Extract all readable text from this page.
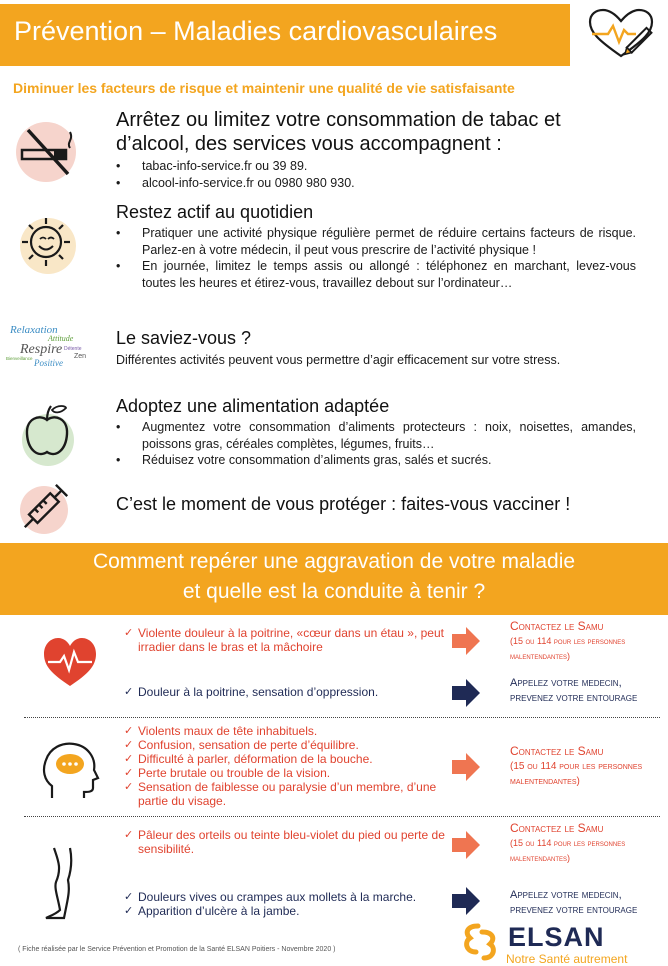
Prévention – Maladies cardiovasculaires
Diminuer les facteurs de risque et maintenir une qualité de vie satisfaisante
Arrêtez ou limitez votre consommation de tabac et
d’alcool, des services vous accompagnent :
• tabac-info-service.fr ou 39 89.
• alcool-info-service.fr ou 0980 980 930.
Restez actif au quotidien
• Pratiquer une activité physique régulière permet de réduire certains facteurs de risque. Parlez-en à votre médecin, il peut vous prescrire de l’activité physique !
• En journée, limitez le temps assis ou allongé : téléphonez en marchant, levez-vous toutes les heures et étirez-vous, travaillez debout sur l’ordinateur…
Relaxation
Attitude
Respire
Positive
Détente
Bienveillance	Zen
Le saviez-vous ?
Différentes activités peuvent vous permettre d’agir efficacement sur votre stress.
Adoptez une alimentation adaptée
• Augmentez votre consommation d’aliments protecteurs : noix, noisettes, amandes, poissons gras, céréales complètes, légumes, fruits…
• Réduisez votre consommation d’aliments gras, salés et sucrés.
C’est le moment de vous protéger : faites-vous vacciner !
Comment repérer une aggravation de votre maladie
et quelle est la conduite à tenir ?
✓ Violente douleur à la poitrine, «cœur dans un étau », peut irradier dans le bras et la mâchoire
Contactez le Samu
(15 ou 114 pour les personnes malentendantes)
✓ Douleur à la poitrine, sensation d’oppression.
Appelez votre medecin,
prevenez votre entourage
✓ Violents maux de tête inhabituels.
✓ Confusion, sensation de perte d’équilibre.
✓ Difficulté à parler, déformation de la bouche.
✓ Perte brutale ou trouble de la vision.
✓ Sensation de faiblesse ou paralysie d’un membre, d’une partie du visage.
Contactez le Samu
(15 ou 114 pour les personnes malentendantes)
✓ Pâleur des orteils ou teinte bleu-violet du pied ou perte de sensibilité.
Contactez le Samu
(15 ou 114 pour les personnes malentendantes)
✓ Douleurs vives ou crampes aux mollets à la marche.
✓ Apparition d’ulcère à la jambe.
Appelez votre medecin,
prevenez votre entourage
( Fiche réalisée par le Service Prévention et Promotion de la Santé ELSAN Poitiers - Novembre 2020 )	ELSAN
Notre Santé autrement
